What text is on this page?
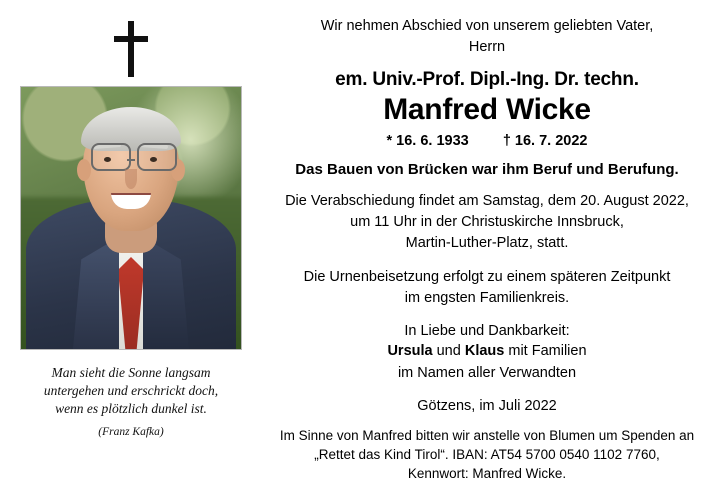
Man sieht die Sonne langsam
untergehen und erschrickt doch,
wenn es plötzlich dunkel ist.
(Franz Kafka)
Wir nehmen Abschied von unserem geliebten Vater,
Herrn
em. Univ.-Prof. Dipl.-Ing. Dr. techn.
Manfred Wicke
* 16. 6. 1933 † 16. 7. 2022
Das Bauen von Brücken war ihm Beruf und Berufung.
Die Verabschiedung findet am Samstag, dem 20. August 2022,
um 11 Uhr in der Christuskirche Innsbruck,
Martin-Luther-Platz, statt.
Die Urnenbeisetzung erfolgt zu einem späteren Zeitpunkt
im engsten Familienkreis.
In Liebe und Dankbarkeit:
Ursula und Klaus mit Familien
im Namen aller Verwandten
Götzens, im Juli 2022
Im Sinne von Manfred bitten wir anstelle von Blumen um Spenden an
„Rettet das Kind Tirol“. IBAN: AT54 5700 0540 1102 7760,
Kennwort: Manfred Wicke.
